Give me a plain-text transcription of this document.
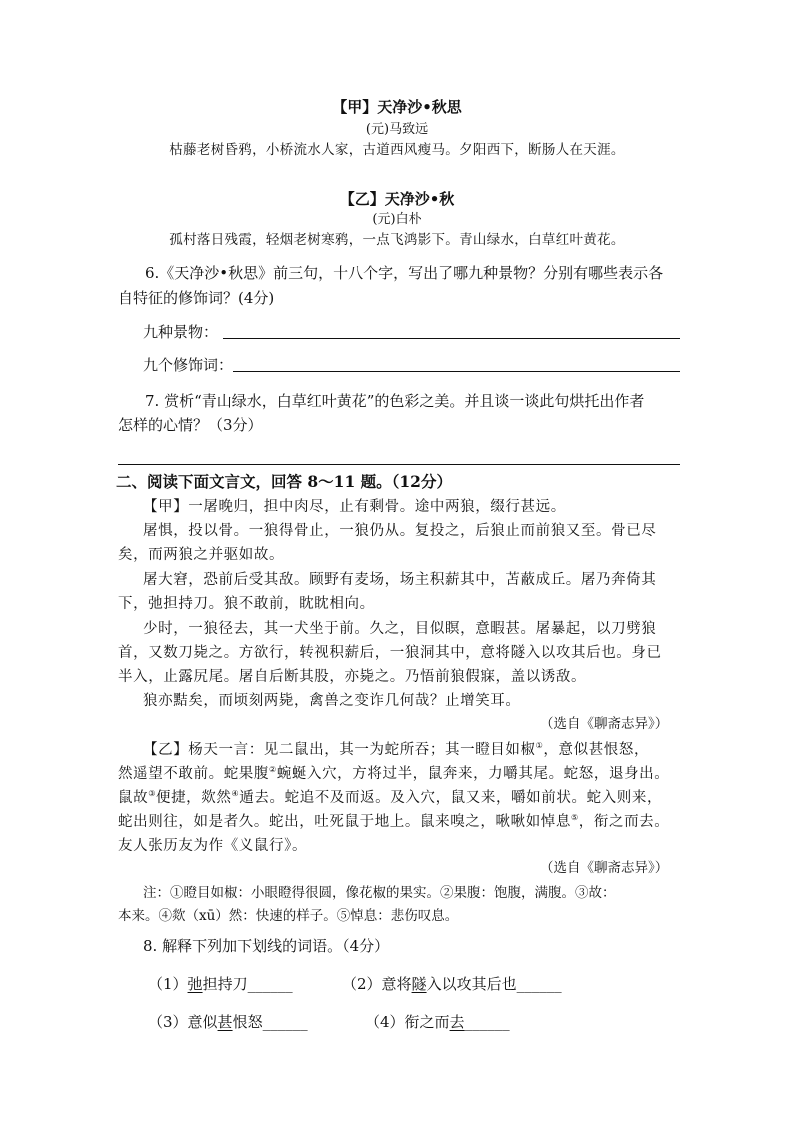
【甲】天净沙•秋思
(元)马致远
枯藤老树昏鸦，小桥流水人家，古道西风瘦马。夕阳西下，断肠人在天涯。
【乙】天净沙•秋
(元)白朴
孤村落日残霞，轻烟老树寒鸦，一点飞鸿影下。青山绿水，白草红叶黄花。
6.《天净沙•秋思》前三句，十八个字，写出了哪九种景物？分别有哪些表示各
自特征的修饰词？(4分)
九种景物：
九个修饰词：
7. 赏析“青山绿水，白草红叶黄花”的色彩之美。并且谈一谈此句烘托出作者
怎样的心情？（3分）
二、阅读下面文言文，回答 8～11 题。（12分）
【甲】一屠晚归，担中肉尽，止有剩骨。途中两狼，缀行甚远。
屠惧，投以骨。一狼得骨止，一狼仍从。复投之，后狼止而前狼又至。骨已尽
矣，而两狼之并驱如故。
屠大窘，恐前后受其敌。顾野有麦场，场主积薪其中，苫蔽成丘。屠乃奔倚其
下，弛担持刀。狼不敢前，眈眈相向。
少时，一狼径去，其一犬坐于前。久之，目似瞑，意暇甚。屠暴起，以刀劈狼
首，又数刀毙之。方欲行，转视积薪后，一狼洞其中，意将隧入以攻其后也。身已
半入，止露尻尾。屠自后断其股，亦毙之。乃悟前狼假寐，盖以诱敌。
狼亦黠矣，而顷刻两毙，禽兽之变诈几何哉？止增笑耳。
（选自《聊斋志异》）
【乙】杨天一言：见二鼠出，其一为蛇所吞；其一瞪目如椒①，意似甚恨怒，
然遥望不敢前。蛇果腹②蜿蜒入穴，方将过半，鼠奔来，力嚼其尾。蛇怒，退身出。
鼠故③便捷，欻然④遁去。蛇追不及而返。及入穴，鼠又来，嚼如前状。蛇入则来，
蛇出则往，如是者久。蛇出，吐死鼠于地上。鼠来嗅之，啾啾如悼息⑤，衔之而去。
友人张历友为作《义鼠行》。
（选自《聊斋志异》）
注：①瞪目如椒：小眼瞪得很圆，像花椒的果实。②果腹：饱腹，满腹。③故：
本来。④欻（xū）然：快速的样子。⑤悼息：悲伤叹息。
8. 解释下列加下划线的词语。（4分）
（1）弛担持刀______	（2）意将隧入以攻其后也______
（3）意似甚恨怒______	（4）衔之而去______
